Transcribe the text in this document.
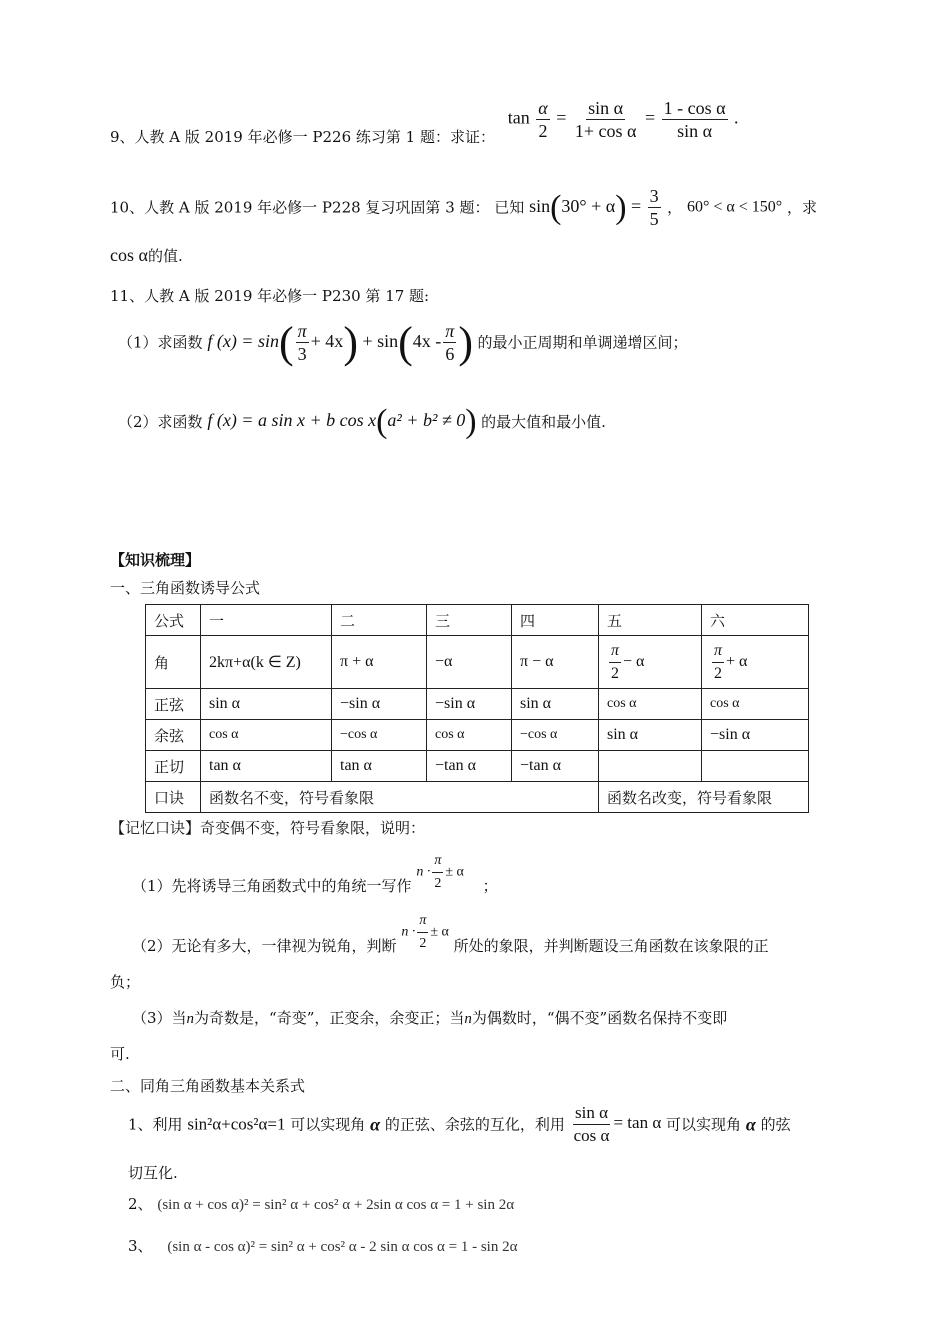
9、人教 A 版 2019 年必修一 P226 练习第 1 题：求证： $\tan \frac{\alpha}{2} = \frac{\text{sin α}}{\text{1+ cos α}} = \frac{\text{1 - cos α}}{\text{sin α}}$ .
10、人教 A 版 2019 年必修一 P228 复习巩固第 3 题： 已知 $\sin(30^\circ + \alpha) = \frac{3}{5}$ ， 60° < α < 150° ，求
cos α的值.
11、人教 A 版 2019 年必修一 P230 第 17 题:
（1）求函数 f $(x) = \sin( \frac{\pi}{3} + 4x) + \sin(4x - \frac{\pi}{6}$ ) 的最小正周期和单调递增区间；
（2）求函数 f (x) = a sin x + b cos x(a² + b² ≠ 0) 的最大值和最小值.
【知识梳理】
一、三角函数诱导公式
公式	一	二	三	四	五	六
角	2kπ+α(k ∈ Z)	π + α	−α	π − α	$\frac{\pi}{2} - \alpha$	$\frac{\pi}{2} + \alpha$
正弦	sin α	−sin α	−sin α	sin α	cos α	cos α
余弦	cos α	−cos α	cos α	−cos α	sin α	−sin α
正切	tan α	tan α	−tan α	−tan α		
口诀	函数名不变，符号看象限				函数名改变，符号看象限	
【记忆口诀】奇变偶不变，符号看象限，说明：
（1）先将诱导三角函数式中的角统一写作 $n \cdot \frac{\pi}{2} \pm \alpha$ ；
（2）无论有多大，一律视为锐角，判断 $n \cdot \frac{\pi}{2} \pm \alpha$ 所处的象限，并判断题设三角函数在该象限的正
负；
（3）当n为奇数是，“奇变”，正变余，余变正；当n为偶数时，“偶不变”函数名保持不变即
可.
二、同角三角函数基本关系式
1、利用 sin²α+cos²α=1 可以实现角 α 的正弦、余弦的互化，利用 $\frac{\text{sin α}}{\text{cos α}} = \tan \alpha$ 可以实现角 α 的弦
切互化.
2、 (sin α + cos α)² = sin² α + cos² α + 2sin α cos α = 1 + sin 2α
3、 (sin α - cos α)² = sin² α + cos² α - 2 sin α cos α = 1 - sin 2α
